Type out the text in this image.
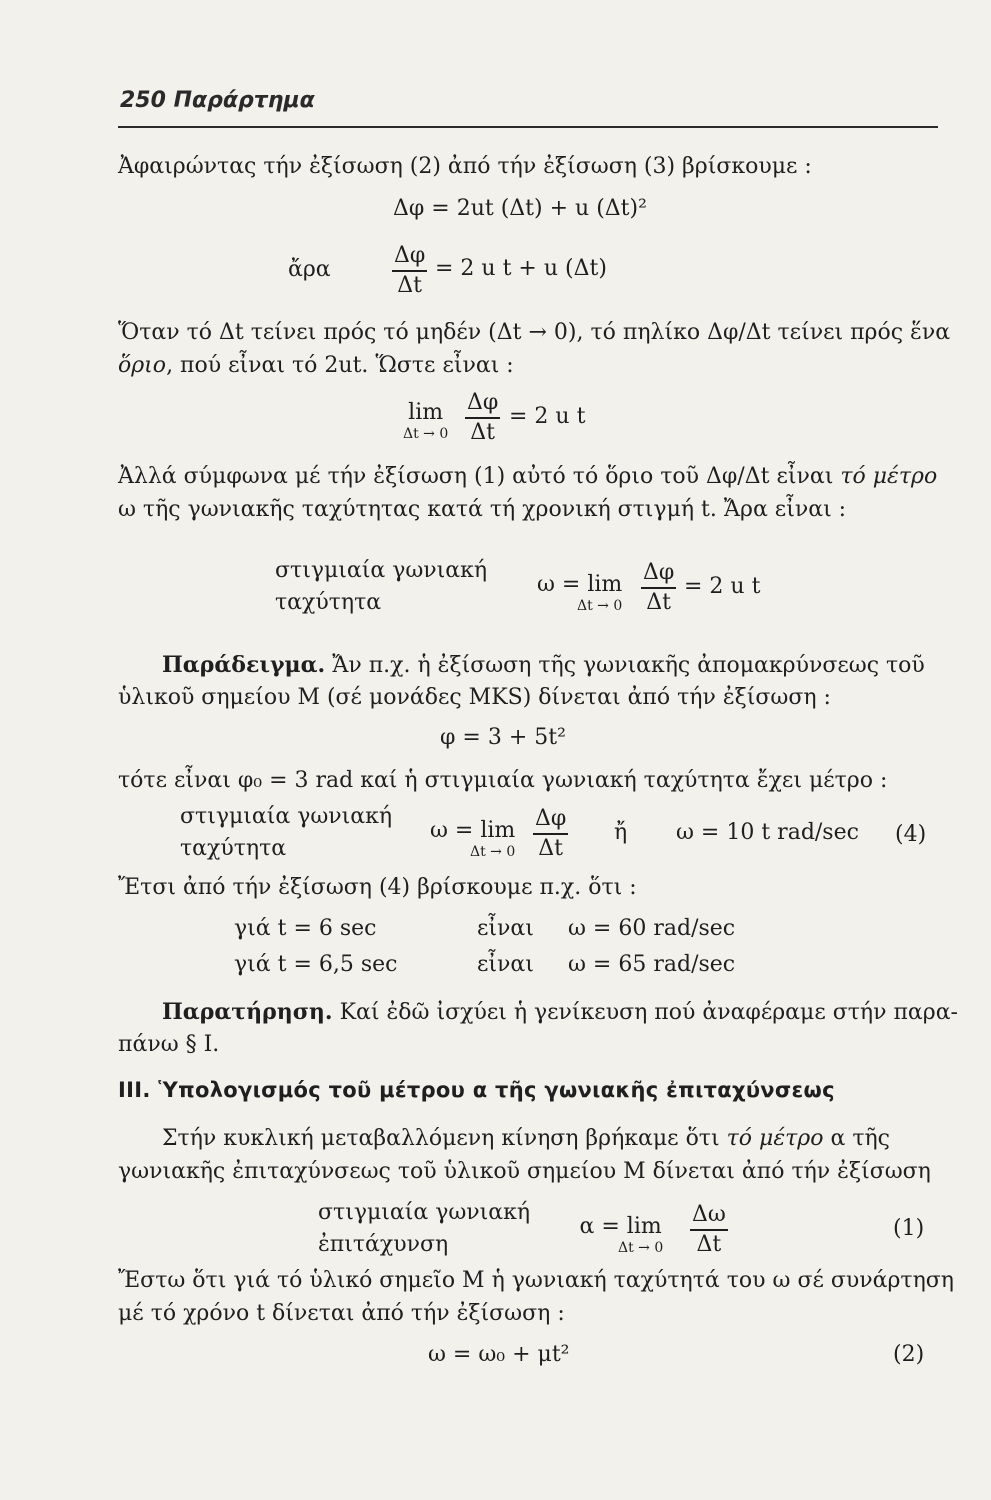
250 Παράρτημα
Ἀφαιρώντας τήν ἐξίσωση (2) ἀπό τήν ἐξίσωση (3) βρίσκουμε :
Δφ = 2ut (Δt) + u (Δt)²
ἄρα
Δφ
Δt
= 2 u t + u (Δt)
Ὅταν τό Δt τείνει πρός τό μηδέν (Δt → 0), τό πηλίκο Δφ/Δt τείνει πρός ἕνα
ὅριο, πού εἶναι τό 2ut. Ὥστε εἶναι :
lim
Δt → 0
Δφ
Δt
= 2 u t
Ἀλλά σύμφωνα μέ τήν ἐξίσωση (1) αὐτό τό ὅριο τοῦ Δφ/Δt εἶναι τό μέτρο
ω τῆς γωνιακῆς ταχύτητας κατά τή χρονική στιγμή t. Ἄρα εἶναι :
στιγμιαία γωνιακή
ταχύτητα
ω = lim
Δt → 0
Δφ
Δt
= 2 u t
Παράδειγμα. Ἄν π.χ. ἡ ἐξίσωση τῆς γωνιακῆς ἀπομακρύνσεως τοῦ
ὑλικοῦ σημείου Μ (σέ μονάδες MKS) δίνεται ἀπό τήν ἐξίσωση :
φ = 3 + 5t²
τότε εἶναι φ₀ = 3 rad καί ἡ στιγμιαία γωνιακή ταχύτητα ἔχει μέτρο :
στιγμιαία γωνιακή
ταχύτητα
ω = lim
Δt → 0
Δφ
Δt
ἤ ω = 10 t rad/sec (4)
Ἔτσι ἀπό τήν ἐξίσωση (4) βρίσκουμε π.χ. ὅτι :
γιά t = 6 sec	εἶναι ω = 60 rad/sec
γιά t = 6,5 sec	εἶναι ω = 65 rad/sec
Παρατήρηση. Καί ἐδῶ ἰσχύει ἡ γενίκευση πού ἀναφέραμε στήν παρα-
πάνω § Ι.
III. Ὑπολογισμός τοῦ μέτρου α τῆς γωνιακῆς ἐπιταχύνσεως
Στήν κυκλική μεταβαλλόμενη κίνηση βρήκαμε ὅτι τό μέτρο α τῆς
γωνιακῆς ἐπιταχύνσεως τοῦ ὑλικοῦ σημείου Μ δίνεται ἀπό τήν ἐξίσωση
στιγμιαία γωνιακή
ἐπιτάχυνση
α = lim
Δt → 0
Δω
Δt
(1)
Ἔστω ὅτι γιά τό ὑλικό σημεῖο Μ ἡ γωνιακή ταχύτητά του ω σέ συνάρτηση
μέ τό χρόνο t δίνεται ἀπό τήν ἐξίσωση :
ω = ω₀ + μt²	(2)
